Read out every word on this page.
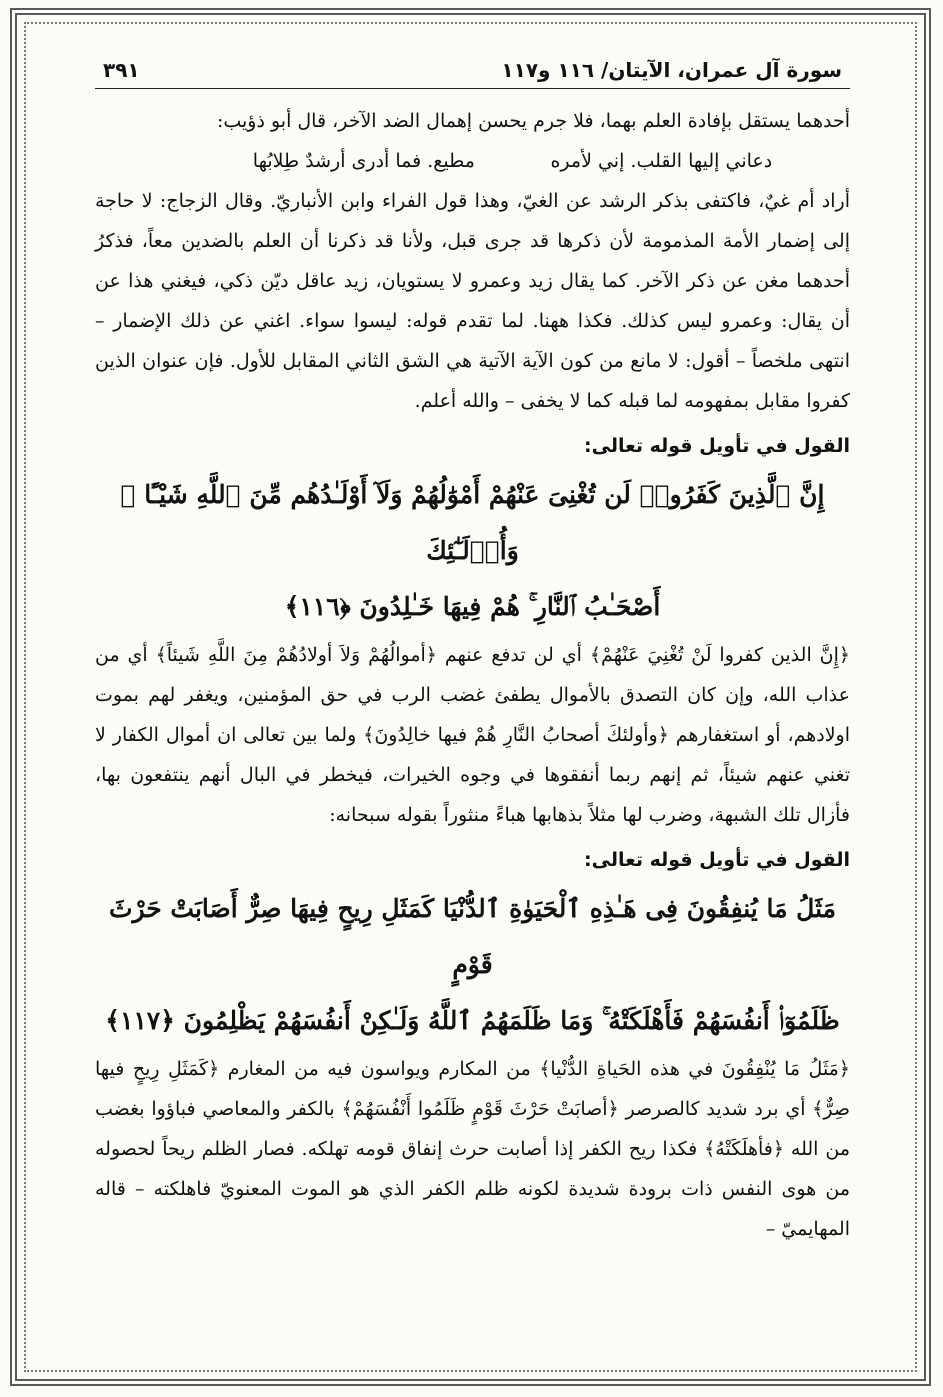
سورة آل عمران، الآيتان/ ١١٦ و١١٧
٣٩١

أحدهما يستقل بإفادة العلم بهما، فلا جرم يحسن إهمال الضد الآخر، قال أبو ذؤيب:

دعاني إليها القلب. إني لأمره
مطيع. فما أدرى أرشدٌ طِلابُها

أراد أم غيٌ، فاكتفى بذكر الرشد عن الغيّ، وهذا قول الفراء وابن الأنباريّ. وقال الزجاج: لا حاجة إلى إضمار الأمة المذمومة لأن ذكرها قد جرى قبل، ولأنا قد ذكرنا أن العلم بالضدين معاً، فذكرُ أحدهما مغن عن ذكر الآخر. كما يقال زيد وعمرو لا يستويان، زيد عاقل ديّن ذكي، فيغني هذا عن أن يقال: وعمرو ليس كذلك. فكذا ههنا. لما تقدم قوله: ليسوا سواء. اغني عن ذلك الإضمار – انتهى ملخصاً – أقول: لا مانع من كون الآية الآتية هي الشق الثاني المقابل للأول. فإن عنوان الذين كفروا مقابل بمفهومه لما قبله كما لا يخفى – والله أعلم.

القول في تأويل قوله تعالى:
إِنَّ ٱلَّذِينَ كَفَرُوا۟ لَن تُغْنِىَ عَنْهُمْ أَمْوَٰلُهُمْ وَلَآ أَوْلَـٰدُهُم مِّنَ ٱللَّهِ شَيْـًٔا ۖ وَأُو۟لَـٰٓئِكَ
أَصْحَـٰبُ ٱلنَّارِ ۚ هُمْ فِيهَا خَـٰلِدُونَ ﴿١١٦﴾

﴿إِنَّ الذين كفروا لَنْ تُغْنِيَ عَنْهُمْ﴾ أي لن تدفع عنهم ﴿أموالُهُمْ وَلاَ أولادُهُمْ مِنَ اللَّهِ شَيئاً﴾ أي من عذاب الله، وإن كان التصدق بالأموال يطفئ غضب الرب في حق المؤمنين، ويغفر لهم بموت اولادهم، أو استغفارهم ﴿وأولئكَ أصحابُ النَّارِ هُمْ فيها خالِدُونَ﴾ ولما بين تعالى ان أموال الكفار لا تغني عنهم شيئاً، ثم إنهم ربما أنفقوها في وجوه الخيرات، فيخطر في البال أنهم ينتفعون بها، فأزال تلك الشبهة، وضرب لها مثلاً بذهابها هباءً منثوراً بقوله سبحانه:

القول في تأويل قوله تعالى:
مَثَلُ مَا يُنفِقُونَ فِى هَـٰذِهِ ٱلْحَيَوٰةِ ٱلدُّنْيَا كَمَثَلِ رِيحٍ فِيهَا صِرٌّ أَصَابَتْ حَرْثَ قَوْمٍ
ظَلَمُوٓا۟ أَنفُسَهُمْ فَأَهْلَكَتْهُ ۚ وَمَا ظَلَمَهُمُ ٱللَّهُ وَلَـٰكِنْ أَنفُسَهُمْ يَظْلِمُونَ ﴿١١٧﴾

﴿مَثَلُ مَا يُنْفِقُونَ في هذه الحَياةِ الدُّنْيا﴾ من المكارم ويواسون فيه من المغارم ﴿كَمَثَلِ رِيحٍ فيها صِرٌّ﴾ أي برد شديد كالصرصر ﴿أصابَتْ حَرْثَ قَوْمٍ ظَلَمُوا أَنْفُسَهُمْ﴾ بالكفر والمعاصي فباؤوا بغضب من الله ﴿فأهلَكَتْهُ﴾ فكذا ريح الكفر إذا أصابت حرث إنفاق قومه تهلكه. فصار الظلم ريحاً لحصوله من هوى النفس ذات برودة شديدة لكونه ظلم الكفر الذي هو الموت المعنويّ فاهلكته – قاله المهايميّ –
